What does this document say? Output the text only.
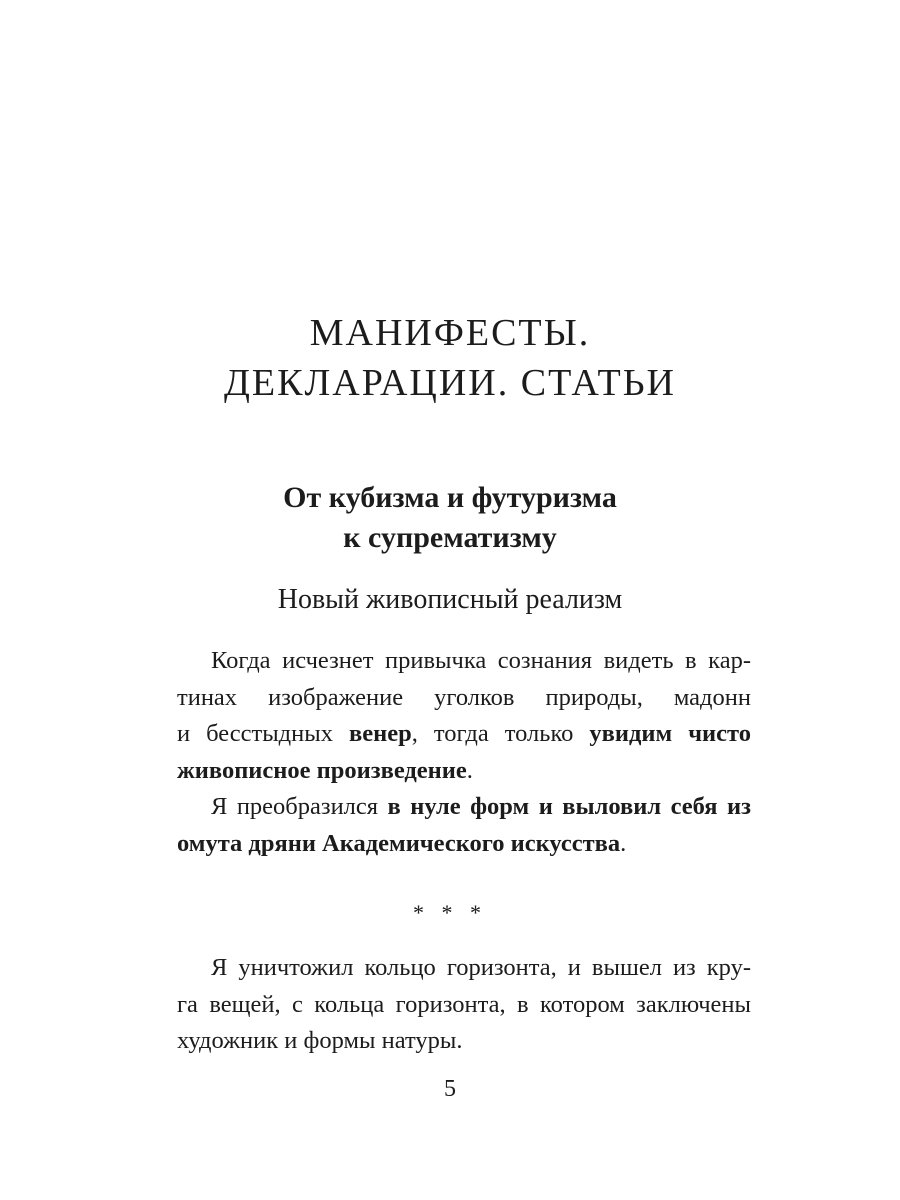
МАНИФЕСТЫ.
ДЕКЛАРАЦИИ. СТАТЬИ
От кубизма и футуризма
к супрематизму
Новый живописный реализм

Когда исчезнет привычка сознания видеть в кар-
тинах изображение уголков природы, мадонн
и бесстыдных венер, тогда только увидим чисто
живописное произведение.

Я преобразился в нуле форм и выловил себя из
омута дряни Академического искусства.

* * *

Я уничтожил кольцо горизонта, и вышел из кру-
га вещей, с кольца горизонта, в котором заключены
художник и формы натуры.

5
